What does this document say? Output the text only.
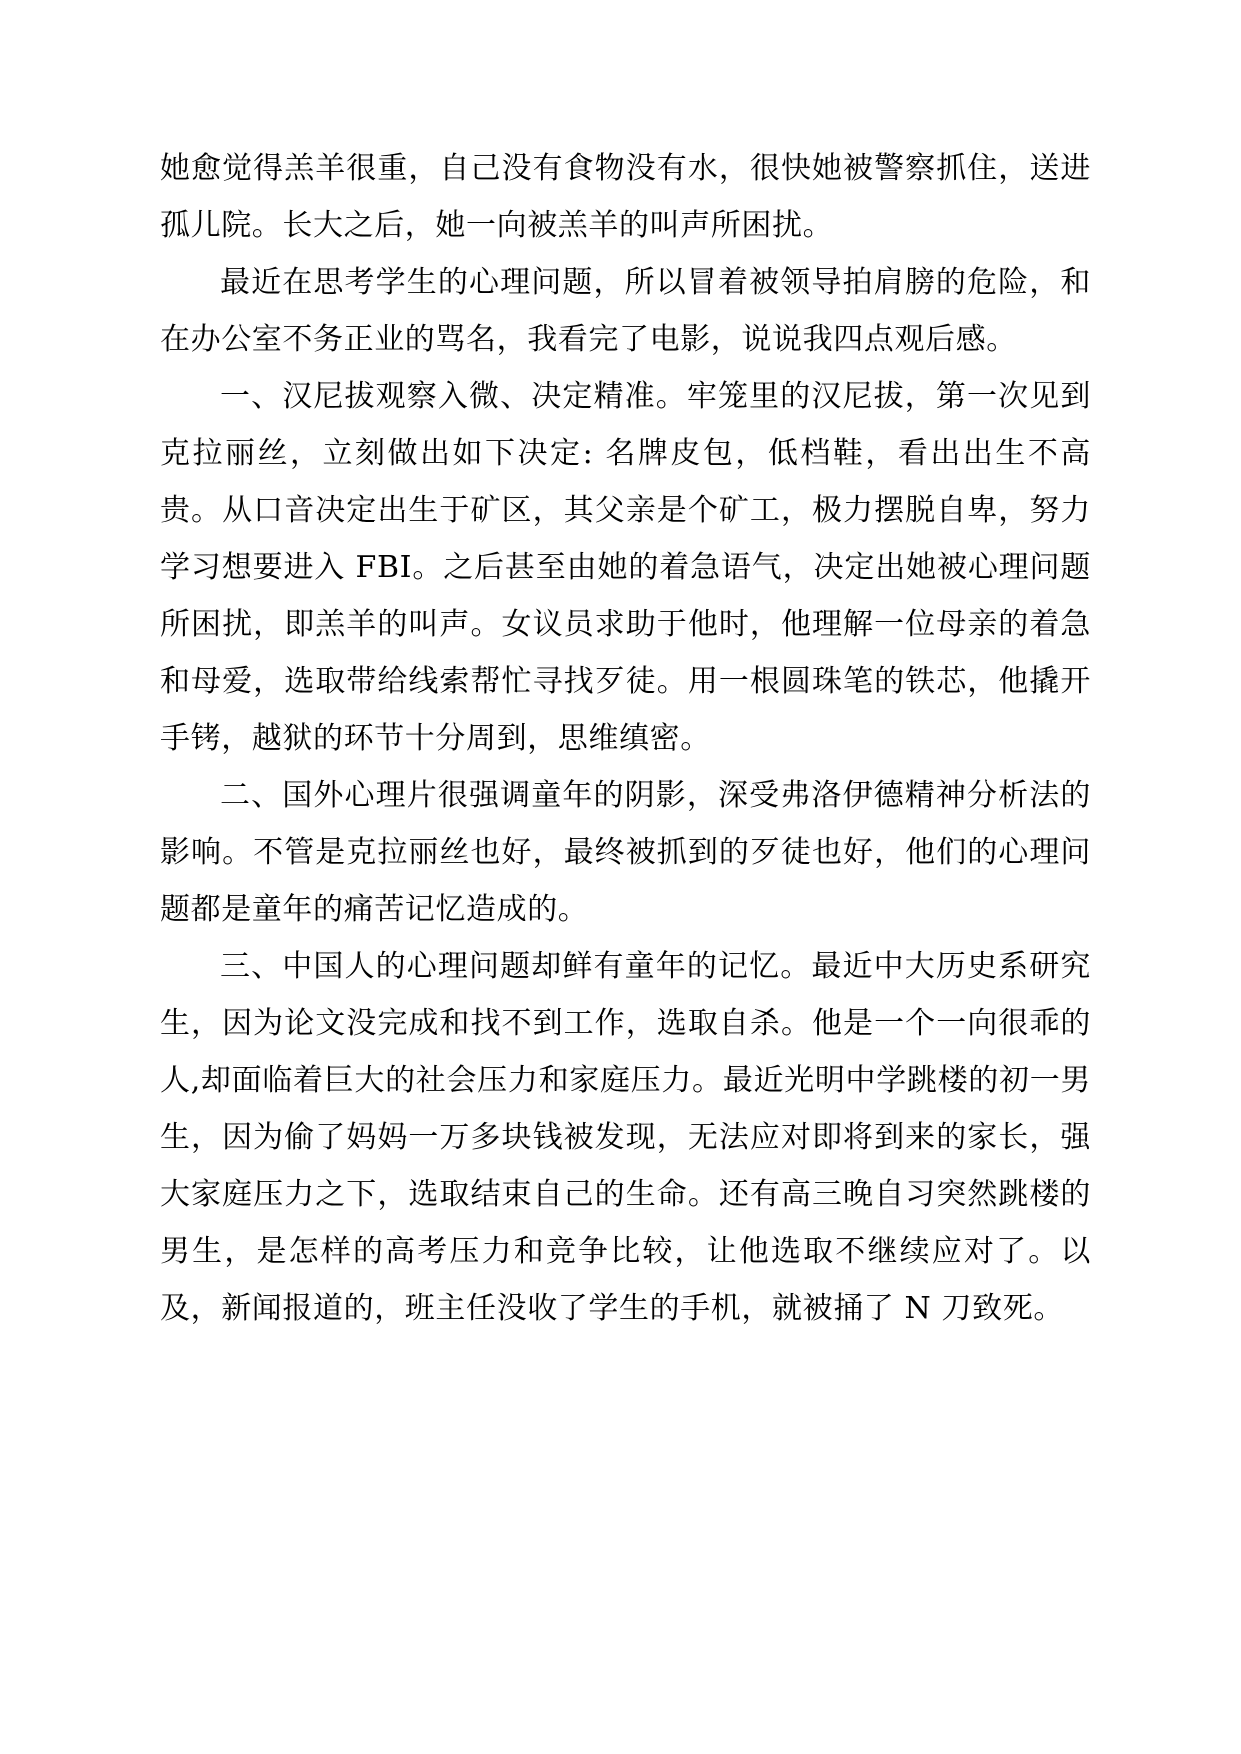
她愈觉得羔羊很重，自己没有食物没有水，很快她被警察抓住，送进孤儿院。长大之后，她一向被羔羊的叫声所困扰。

最近在思考学生的心理问题，所以冒着被领导拍肩膀的危险，和在办公室不务正业的骂名，我看完了电影，说说我四点观后感。

一、汉尼拔观察入微、决定精准。牢笼里的汉尼拔，第一次见到克拉丽丝，立刻做出如下决定: 名牌皮包，低档鞋，看出出生不高贵。从口音决定出生于矿区，其父亲是个矿工，极力摆脱自卑，努力学习想要进入 FBI。之后甚至由她的着急语气，决定出她被心理问题所困扰，即羔羊的叫声。女议员求助于他时，他理解一位母亲的着急和母爱，选取带给线索帮忙寻找歹徒。用一根圆珠笔的铁芯，他撬开手铐，越狱的环节十分周到，思维缜密。

二、国外心理片很强调童年的阴影，深受弗洛伊德精神分析法的影响。不管是克拉丽丝也好，最终被抓到的歹徒也好，他们的心理问题都是童年的痛苦记忆造成的。

三、中国人的心理问题却鲜有童年的记忆。最近中大历史系研究生，因为论文没完成和找不到工作，选取自杀。他是一个一向很乖的人,却面临着巨大的社会压力和家庭压力。最近光明中学跳楼的初一男生，因为偷了妈妈一万多块钱被发现，无法应对即将到来的家长，强大家庭压力之下，选取结束自己的生命。还有高三晚自习突然跳楼的男生，是怎样的高考压力和竞争比较，让他选取不继续应对了。以及，新闻报道的，班主任没收了学生的手机，就被捅了 N 刀致死。
